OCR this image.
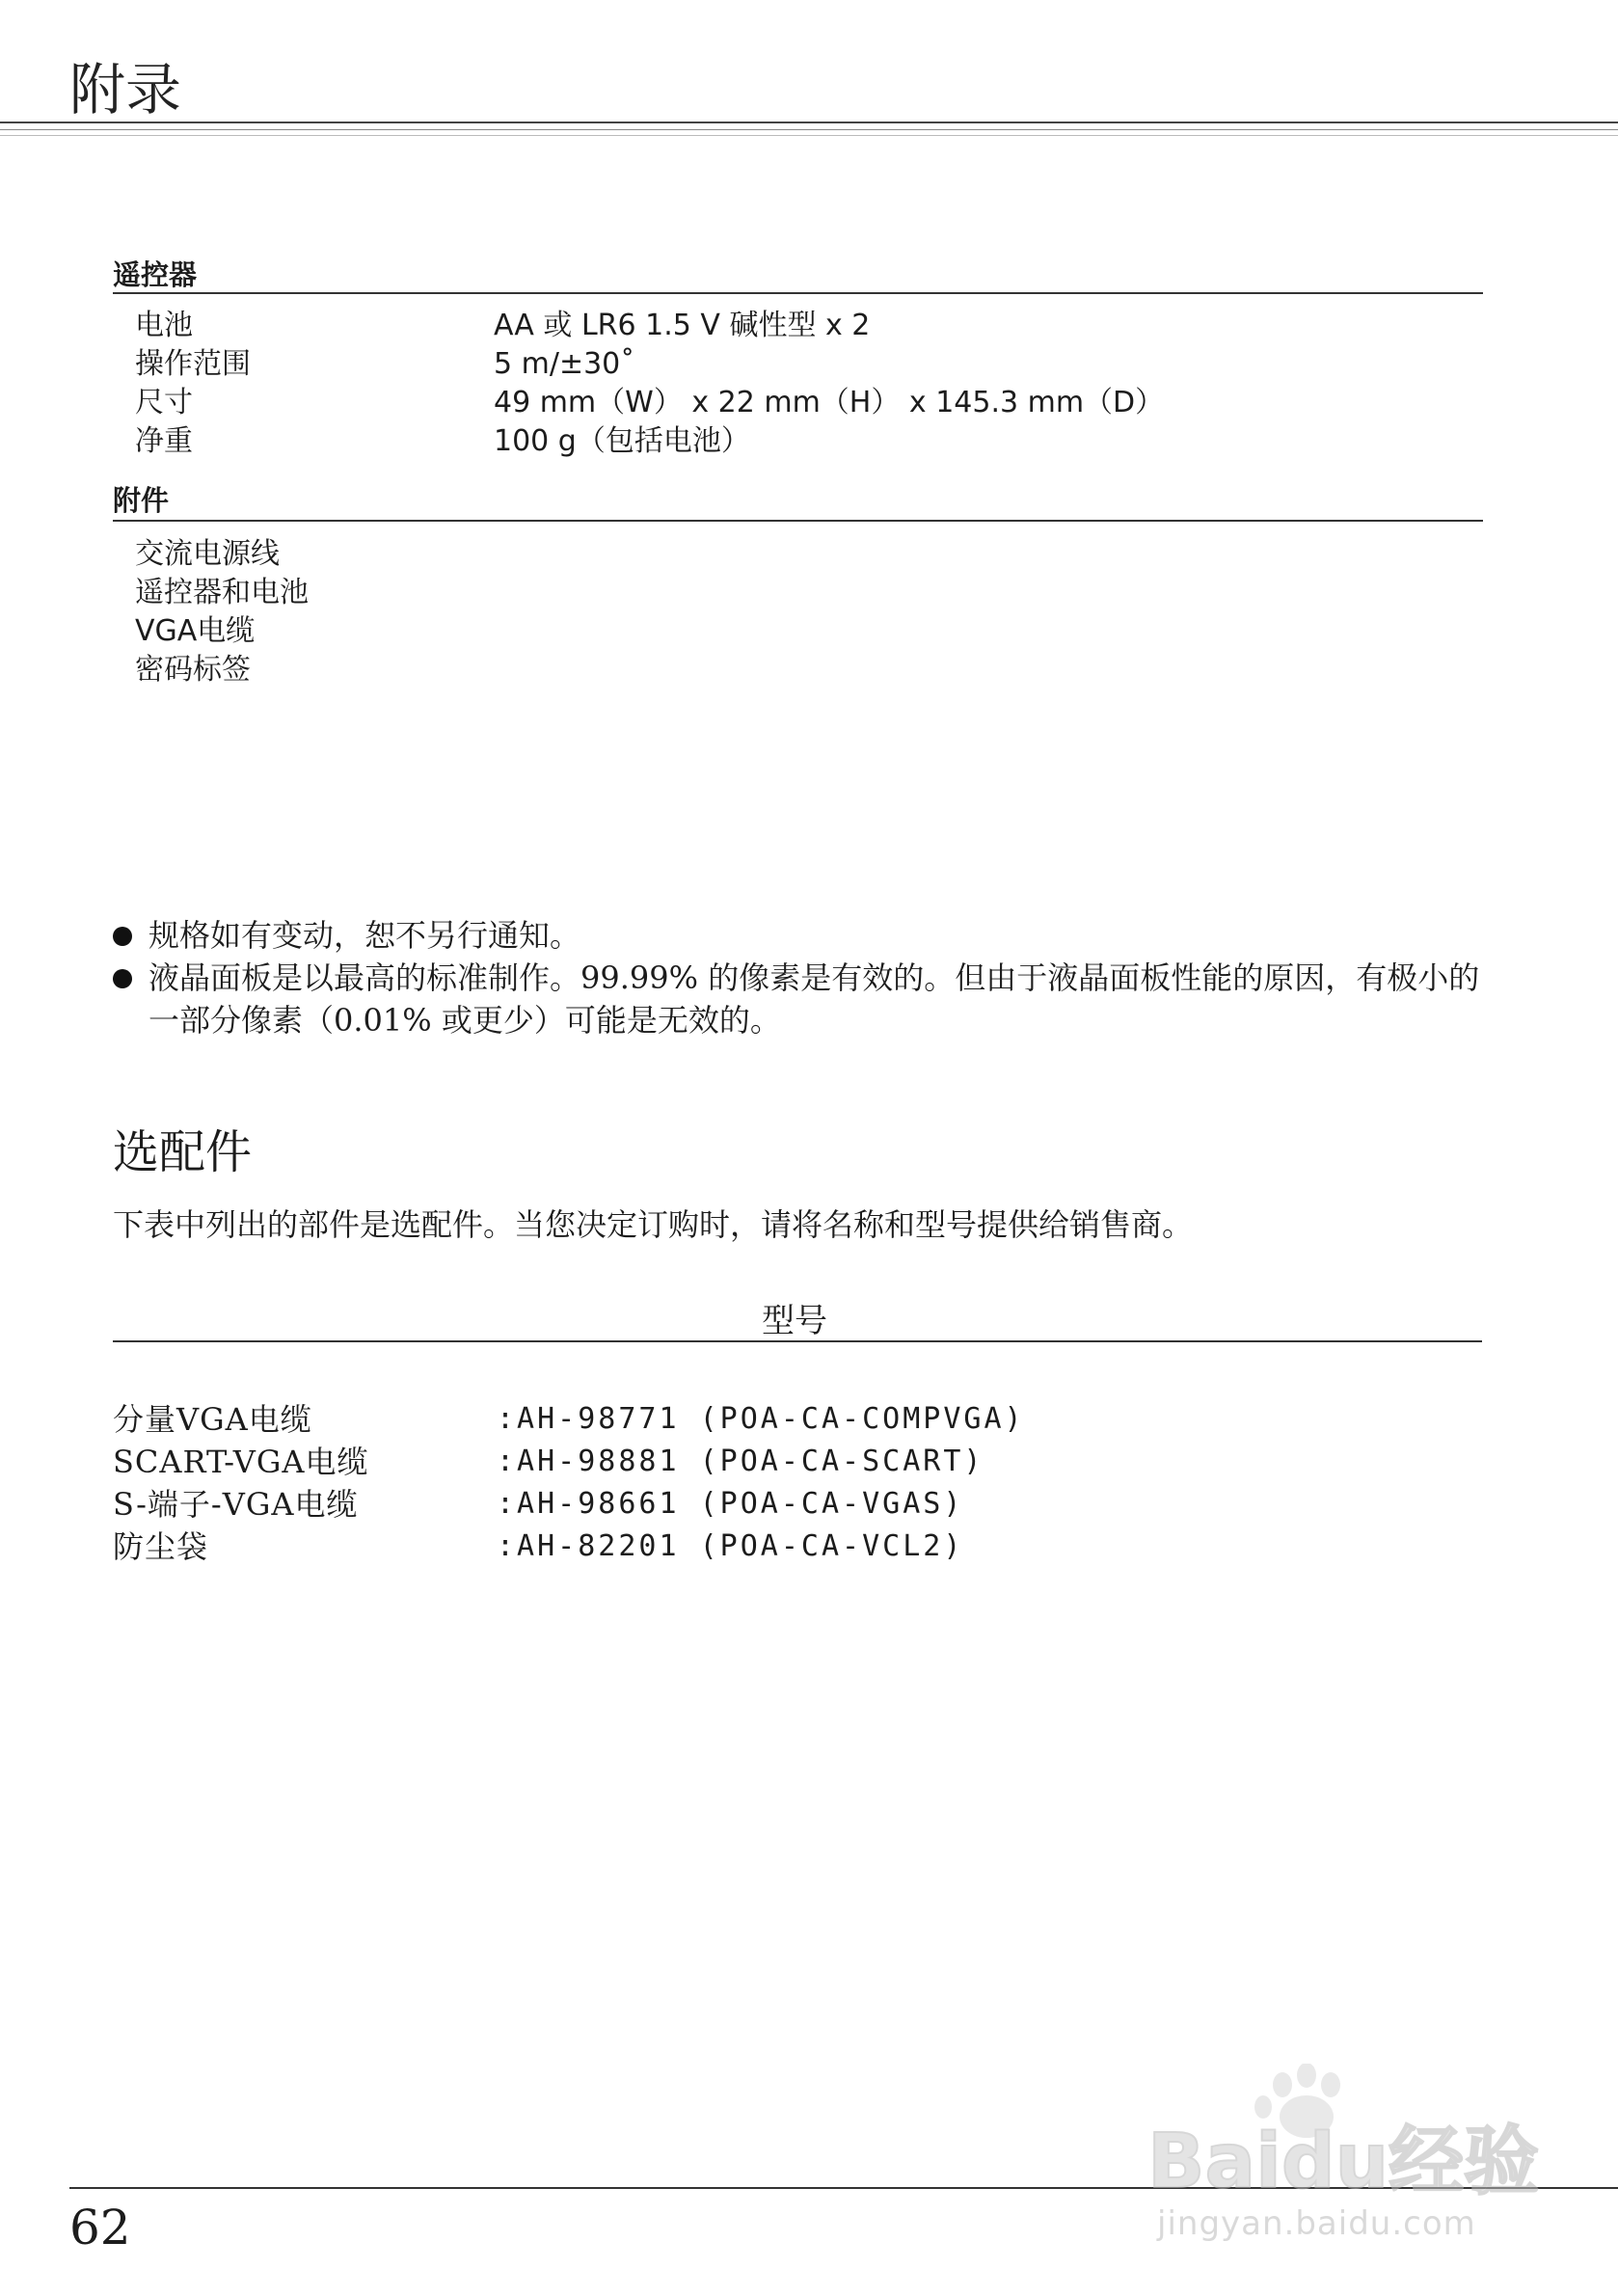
附录
遥控器
电池	AA 或 LR6 1.5 V 碱性型 x 2
操作范围	5 m/±30˚
尺寸	49 mm（W） x 22 mm（H） x 145.3 mm（D）
净重	100 g（包括电池）
附件
交流电源线
遥控器和电池
VGA电缆
密码标签
规格如有变动，恕不另行通知。
液晶面板是以最高的标准制作。99.99% 的像素是有效的。但由于液晶面板性能的原因，有极小的一部分像素（0.01% 或更少）可能是无效的。
选配件
下表中列出的部件是选配件。当您决定订购时，请将名称和型号提供给销售商。
型号
分量VGA电缆	:AH-98771 (POA-CA-COMPVGA)
SCART-VGA电缆	:AH-98881 (POA-CA-SCART)
S-端子-VGA电缆	:AH-98661 (POA-CA-VGAS)
防尘袋	:AH-82201 (POA-CA-VCL2)
62
Baidu经验
jingyan.baidu.com
